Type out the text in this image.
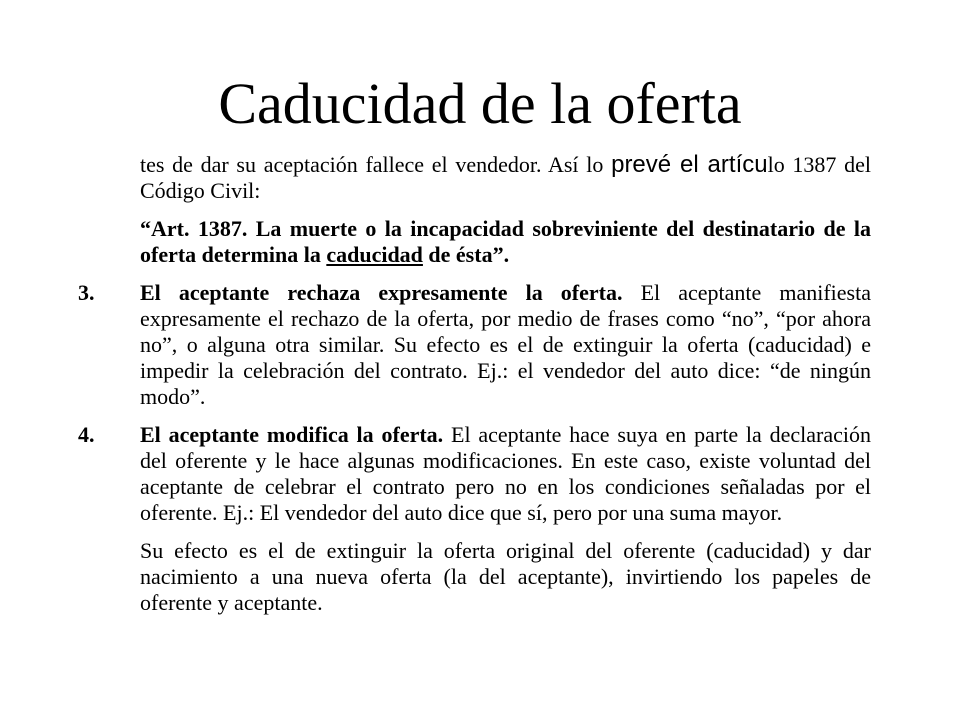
Caducidad de la oferta

tes de dar su aceptación fallece el vendedor. Así lo prevé el artículo 1387 del Código Civil:

“Art. 1387. La muerte o la incapacidad sobreviniente del destinatario de la oferta determina la caducidad de ésta”.

3.	El aceptante rechaza expresamente la oferta. El aceptante manifiesta expresamente el rechazo de la oferta, por medio de frases como “no”, “por ahora no”, o alguna otra similar. Su efecto es el de extinguir la oferta (caducidad) e impedir la celebración del contrato. Ej.: el vendedor del auto dice: “de ningún modo”.
4.	El aceptante modifica la oferta. El aceptante hace suya en parte la declaración del oferente y le hace algunas modificaciones. En este caso, existe voluntad del aceptante de celebrar el contrato pero no en los condiciones señaladas por el oferente. Ej.: El vendedor del auto dice que sí, pero por una suma mayor.

Su efecto es el de extinguir la oferta original del oferente (caducidad) y dar nacimiento a una nueva oferta (la del aceptante), invirtiendo los papeles de oferente y aceptante.
